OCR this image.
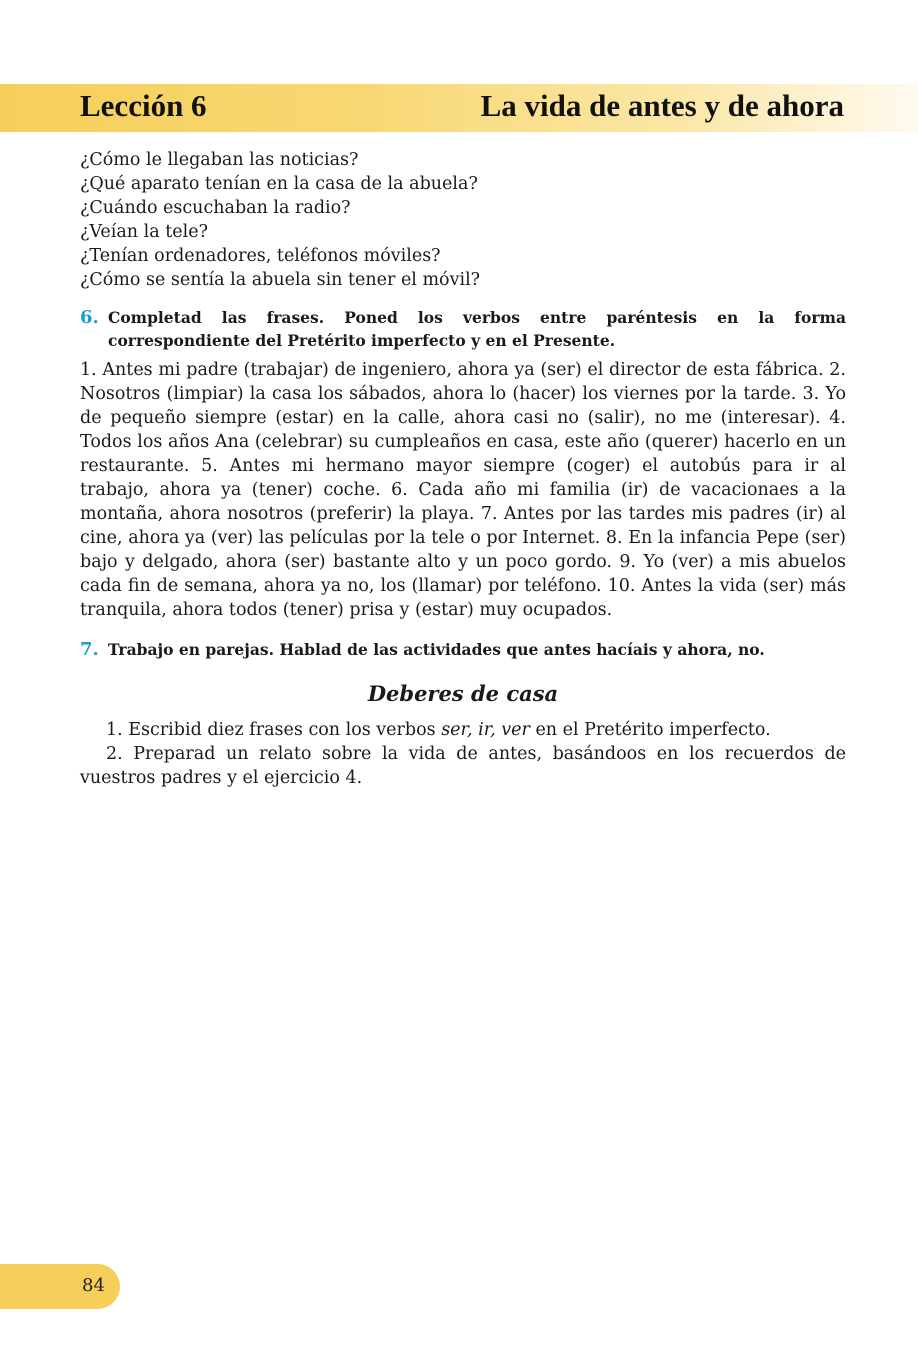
Lección 6	La vida de antes y de ahora
¿Cómo le llegaban las noticias?
¿Qué aparato tenían en la casa de la abuela?
¿Cuándo escuchaban la radio?
¿Veían la tele?
¿Tenían ordenadores, teléfonos móviles?
¿Cómo se sentía la abuela sin tener el móvil?
6. Completad las frases. Poned los verbos entre paréntesis en la forma correspondiente del Pretérito imperfecto y en el Presente.
1. Antes mi padre (trabajar) de ingeniero, ahora ya (ser) el director de esta fábrica. 2. Nosotros (limpiar) la casa los sábados, ahora lo (hacer) los viernes por la tarde. 3. Yo de pequeño siempre (estar) en la calle, ahora casi no (salir), no me (interesar). 4. Todos los años Ana (celebrar) su cumpleaños en casa, este año (querer) hacerlo en un restaurante. 5. Antes mi hermano mayor siempre (coger) el autobús para ir al trabajo, ahora ya (tener) coche. 6. Cada año mi familia (ir) de vacacionaes a la montaña, ahora nosotros (preferir) la playa. 7. Antes por las tardes mis padres (ir) al cine, ahora ya (ver) las películas por la tele o por Internet. 8. En la infancia Pepe (ser) bajo y delgado, ahora (ser) bastante alto y un poco gordo. 9. Yo (ver) a mis abuelos cada fin de semana, ahora ya no, los (llamar) por teléfono. 10. Antes la vida (ser) más tranquila, ahora todos (tener) prisa y (estar) muy ocupados.
7. Trabajo en parejas. Hablad de las actividades que antes hacíais y ahora, no.
Deberes de casa
1. Escribid diez frases con los verbos ser, ir, ver en el Pretérito imperfecto.
2. Preparad un relato sobre la vida de antes, basándoos en los recuerdos de vuestros padres y el ejercicio 4.
84
